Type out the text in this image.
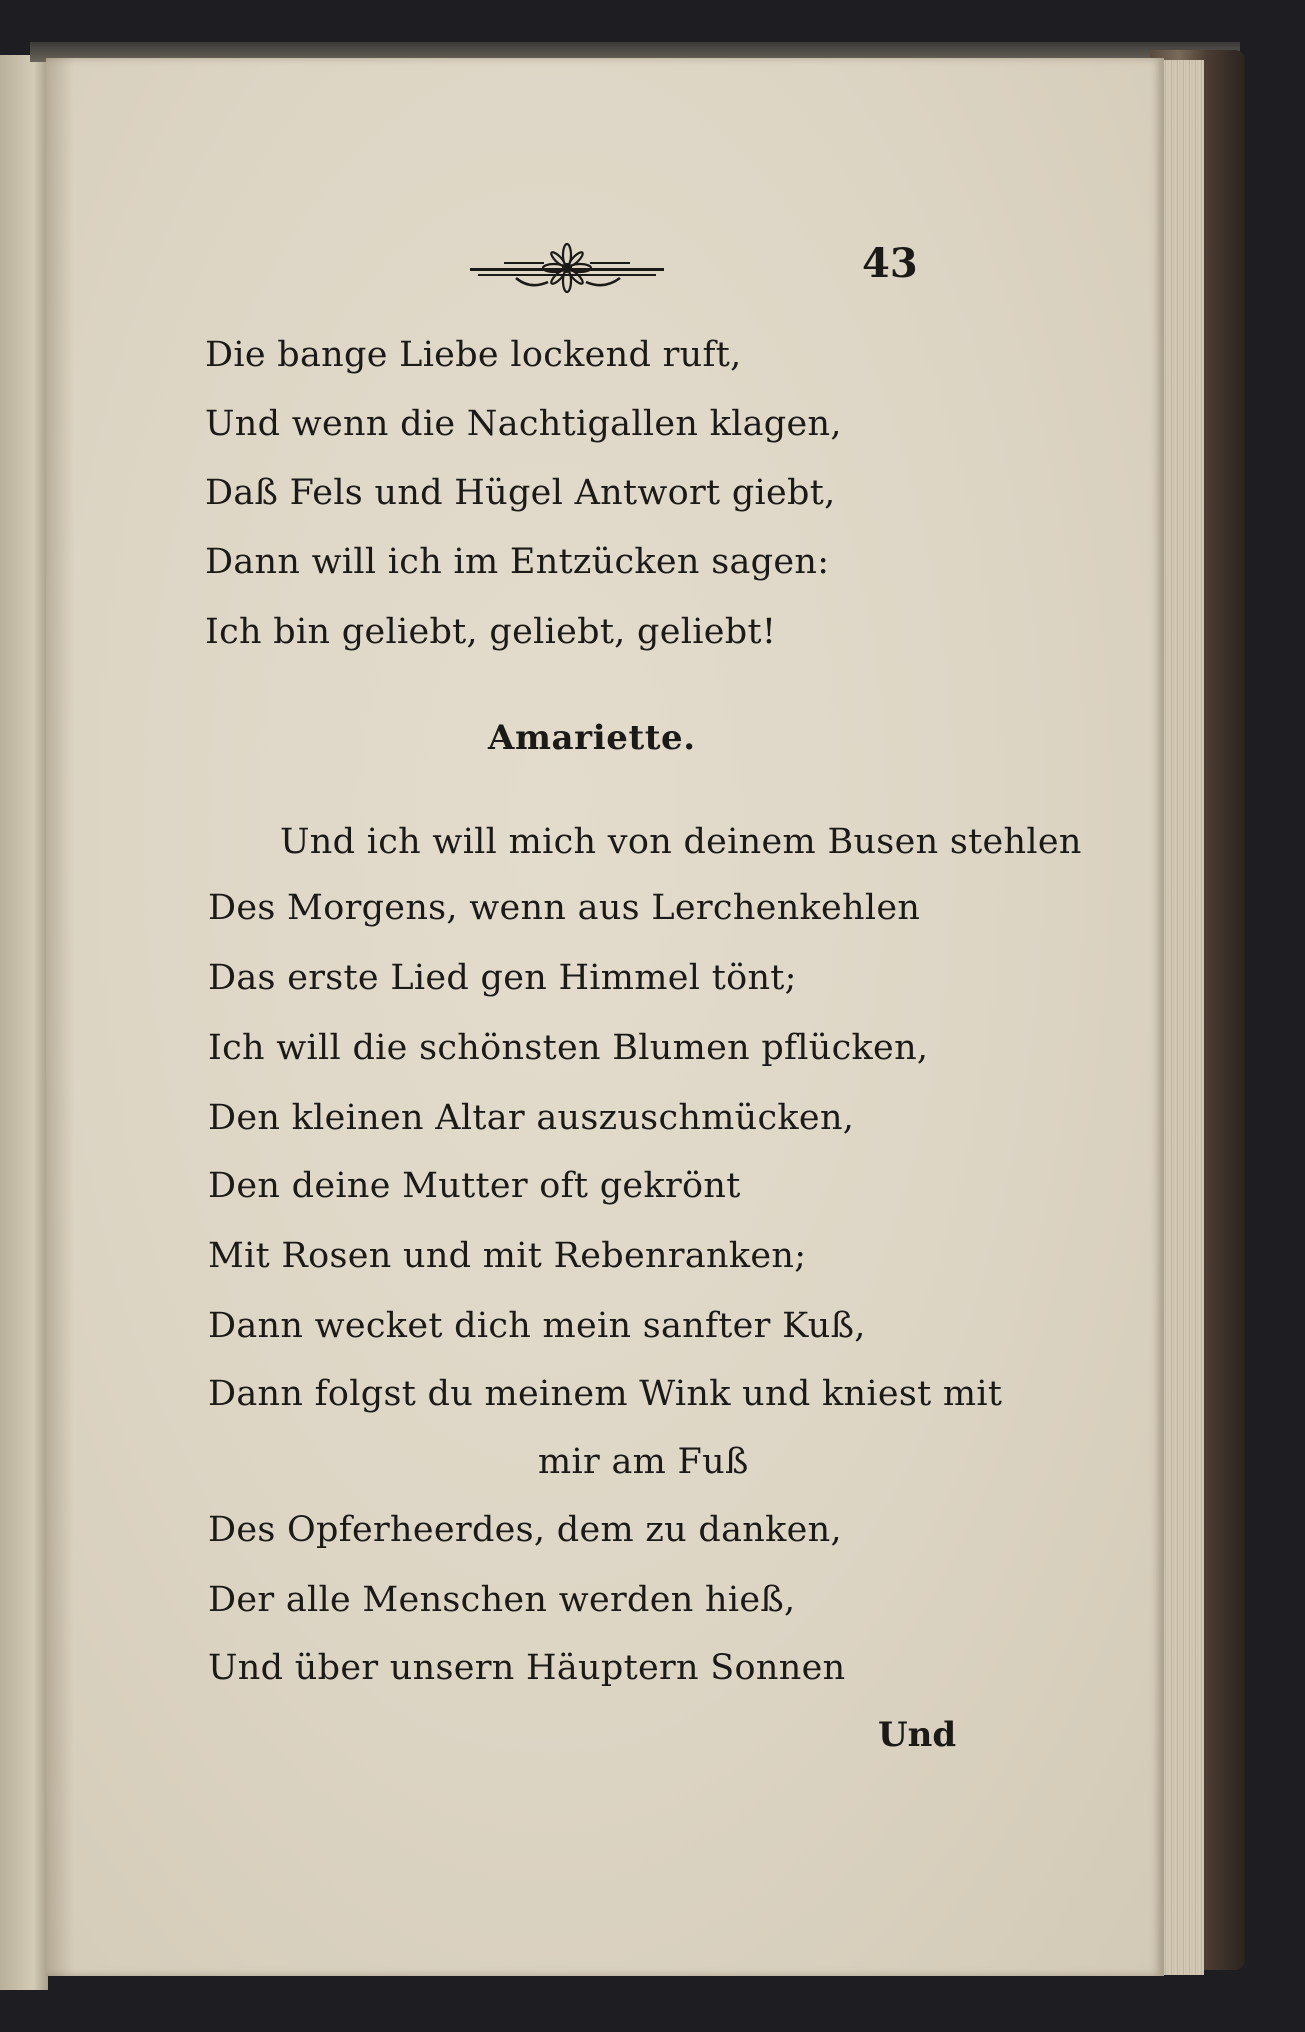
43
Die bange Liebe lockend ruft,
Und wenn die Nachtigallen klagen,
Daß Fels und Hügel Antwort giebt,
Dann will ich im Entzücken sagen:
Ich bin geliebt, geliebt, geliebt!
Amariette.
Und ich will mich von deinem Busen stehlen
Des Morgens, wenn aus Lerchenkehlen
Das erste Lied gen Himmel tönt;
Ich will die schönsten Blumen pflücken,
Den kleinen Altar auszuschmücken,
Den deine Mutter oft gekrönt
Mit Rosen und mit Rebenranken;
Dann wecket dich mein sanfter Kuß,
Dann folgst du meinem Wink und kniest mit
mir am Fuß
Des Opferheerdes, dem zu danken,
Der alle Menschen werden hieß,
Und über unsern Häuptern Sonnen
Und
